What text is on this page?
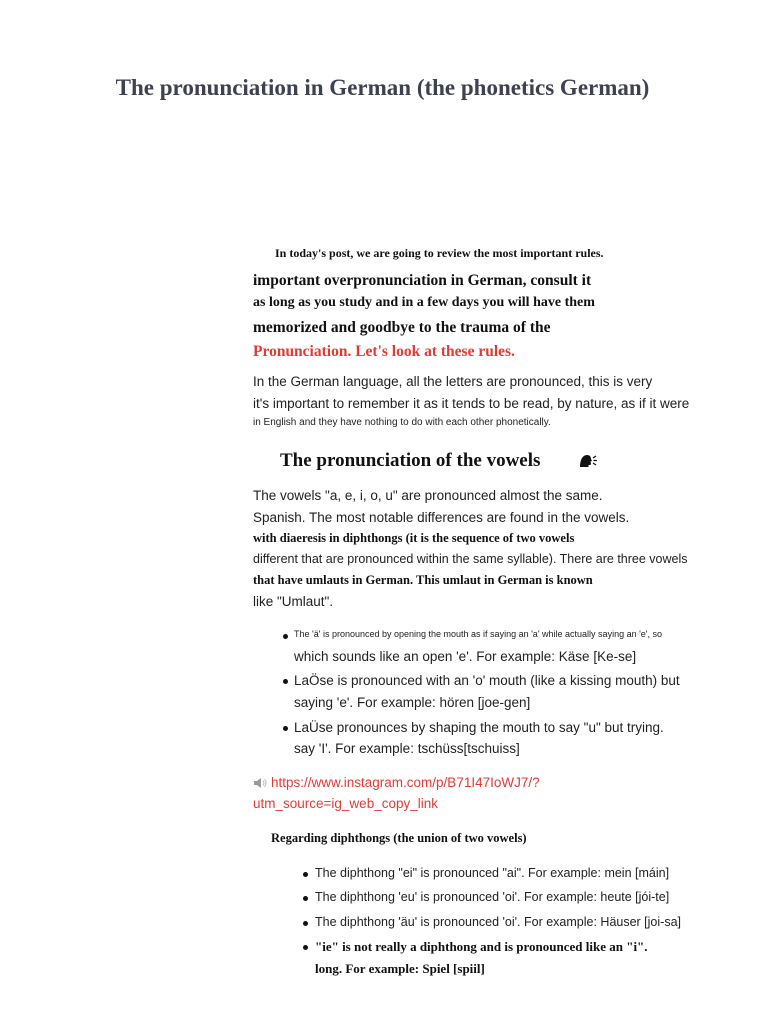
The pronunciation in German (the phonetics German)
In today's post, we are going to review the most important rules.
important overpronunciation in German, consult it
as long as you study and in a few days you will have them
memorized and goodbye to the trauma of the
Pronunciation. Let's look at these rules.
In the German language, all the letters are pronounced, this is very
it's important to remember it as it tends to be read, by nature, as if it were
in English and they have nothing to do with each other phonetically.
The pronunciation of the vowels
The vowels "a, e, i, o, u" are pronounced almost the same.
Spanish. The most notable differences are found in the vowels.
with diaeresis in diphthongs (it is the sequence of two vowels
different that are pronounced within the same syllable). There are three vowels
that have umlauts in German. This umlaut in German is known
like "Umlaut".
The 'ä' is pronounced by opening the mouth as if saying an 'a' while actually saying an 'e', so
which sounds like an open 'e'. For example: Käse [Ke-se]
LaÖse is pronounced with an 'o' mouth (like a kissing mouth) but
saying 'e'. For example: hören [joe-gen]
LaÜse pronounces by shaping the mouth to say "u" but trying.
say 'I'. For example: tschüss[tschuiss]
https://www.instagram.com/p/B71I47IoWJ7/?
utm_source=ig_web_copy_link
Regarding diphthongs (the union of two vowels)
The diphthong "ei" is pronounced "ai". For example: mein [máin]
The diphthong 'eu' is pronounced 'oi'. For example: heute [jói-te]
The diphthong 'äu' is pronounced 'oi'. For example: Häuser [joi-sa]
"ie" is not really a diphthong and is pronounced like an "i".
long. For example: Spiel [spiil]
